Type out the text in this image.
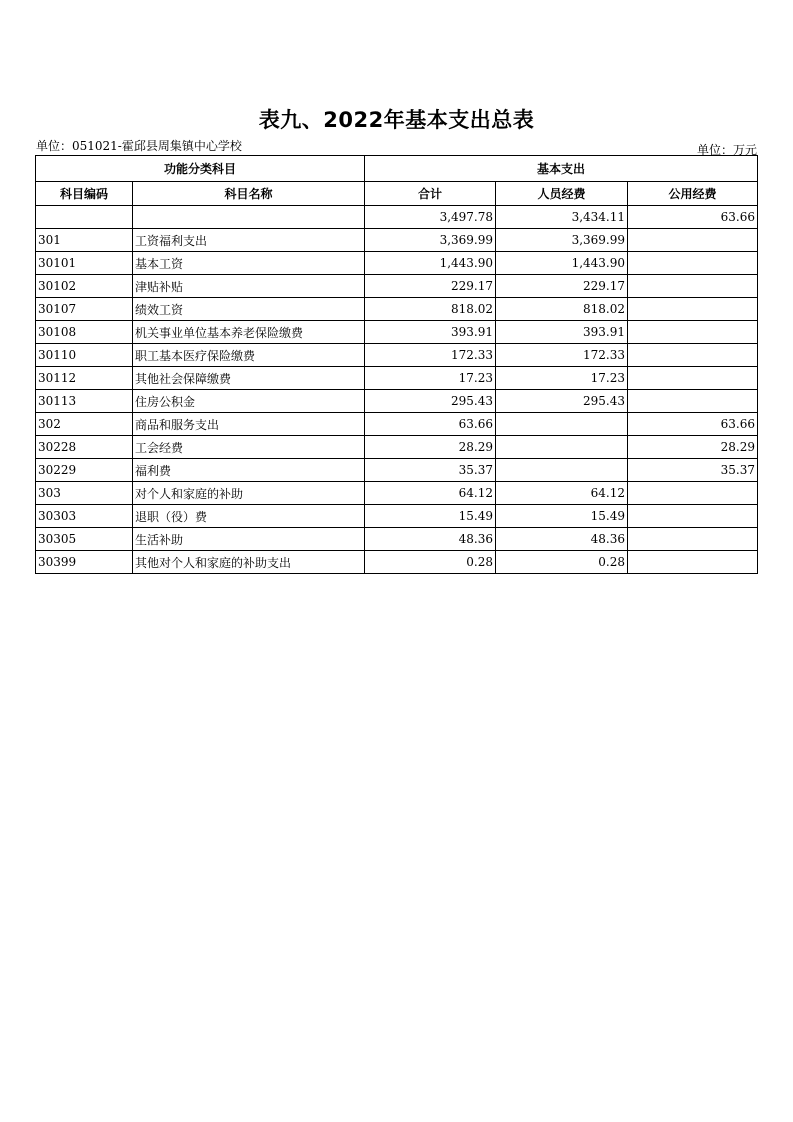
表九、2022年基本支出总表
单位：051021-霍邱县周集镇中心学校	单位：万元
功能分类科目		基本支出		
科目编码	科目名称	合计	人员经费	公用经费
		3,497.78	3,434.11	63.66
301	工资福利支出	3,369.99	3,369.99	
30101	基本工资	1,443.90	1,443.90	
30102	津贴补贴	229.17	229.17	
30107	绩效工资	818.02	818.02	
30108	机关事业单位基本养老保险缴费	393.91	393.91	
30110	职工基本医疗保险缴费	172.33	172.33	
30112	其他社会保障缴费	17.23	17.23	
30113	住房公积金	295.43	295.43	
302	商品和服务支出	63.66		63.66
30228	工会经费	28.29		28.29
30229	福利费	35.37		35.37
303	对个人和家庭的补助	64.12	64.12	
30303	退职（役）费	15.49	15.49	
30305	生活补助	48.36	48.36	
30399	其他对个人和家庭的补助支出	0.28	0.28	
